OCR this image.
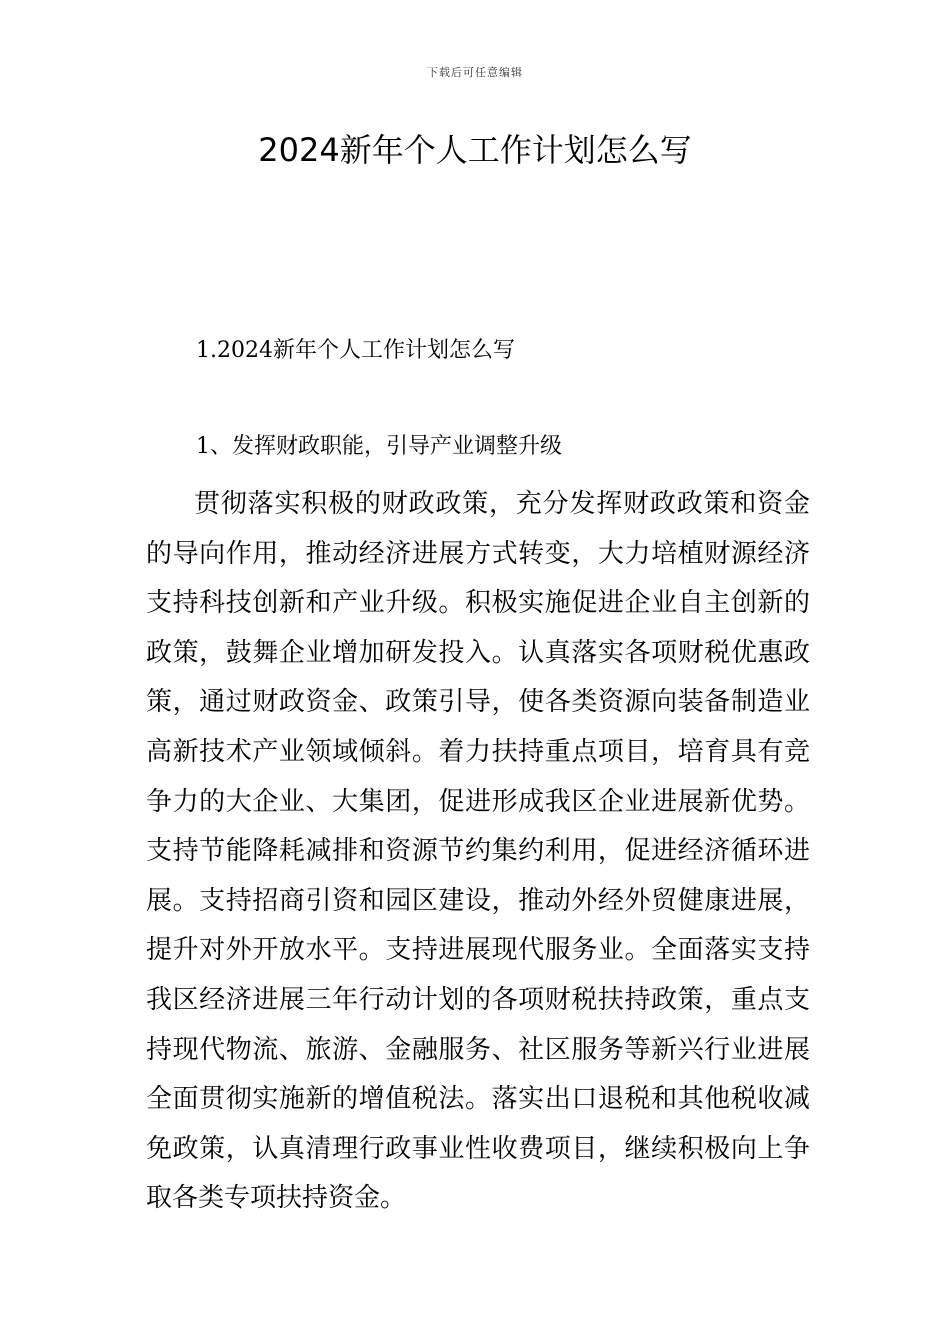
下载后可任意编辑
2024新年个人工作计划怎么写
1.2024新年个人工作计划怎么写
1、发挥财政职能，引导产业调整升级

贯彻落实积极的财政政策，充分发挥财政政策和资金的导向作用，推动经济进展方式转变，大力培植财源经济支持科技创新和产业升级。积极实施促进企业自主创新的政策，鼓舞企业增加研发投入。认真落实各项财税优惠政策，通过财政资金、政策引导，使各类资源向装备制造业高新技术产业领域倾斜。着力扶持重点项目，培育具有竞争力的大企业、大集团，促进形成我区企业进展新优势。支持节能降耗减排和资源节约集约利用，促进经济循环进展。支持招商引资和园区建设，推动外经外贸健康进展，提升对外开放水平。支持进展现代服务业。全面落实支持我区经济进展三年行动计划的各项财税扶持政策，重点支持现代物流、旅游、金融服务、社区服务等新兴行业进展全面贯彻实施新的增值税法。落实出口退税和其他税收减免政策，认真清理行政事业性收费项目，继续积极向上争取各类专项扶持资金。
